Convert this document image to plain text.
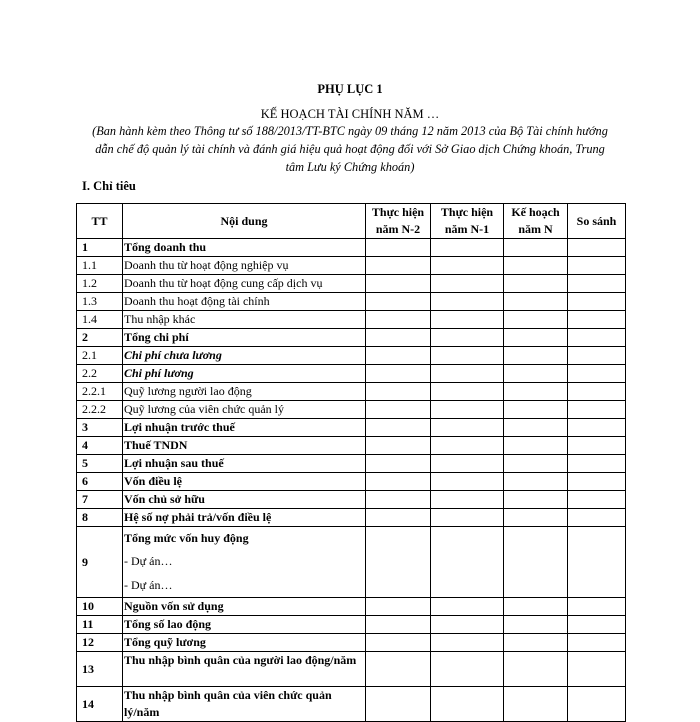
PHỤ LỤC 1
KẾ HOẠCH TÀI CHÍNH NĂM …
(Ban hành kèm theo Thông tư số 188/2013/TT-BTC ngày 09 tháng 12 năm 2013 của Bộ Tài chính hướng dẫn chế độ quản lý tài chính và đánh giá hiệu quả hoạt động đối với Sở Giao dịch Chứng khoán, Trung tâm Lưu ký Chứng khoán)
I. Chỉ tiêu
TT	Nội dung	Thực hiện năm N-2	Thực hiện năm N-1	Kế hoạch năm N	So sánh
1	Tổng doanh thu				
1.1	Doanh thu từ hoạt động nghiệp vụ				
1.2	Doanh thu từ hoạt động cung cấp dịch vụ				
1.3	Doanh thu hoạt động tài chính				
1.4	Thu nhập khác				
2	Tổng chi phí				
2.1	Chi phí chưa lương				
2.2	Chi phí lương				
2.2.1	Quỹ lương người lao động				
2.2.2	Quỹ lương của viên chức quản lý				
3	Lợi nhuận trước thuế				
4	Thuế TNDN				
5	Lợi nhuận sau thuế				
6	Vốn điều lệ				
7	Vốn chủ sở hữu				
8	Hệ số nợ phải trả/vốn điều lệ				
9	Tổng mức vốn huy động
- Dự án…
- Dự án…				

10	Nguồn vốn sử dụng				
11	Tổng số lao động				
12	Tổng quỹ lương				
13	Thu nhập bình quân của người lao động/năm				
14	Thu nhập bình quân của viên chức quản lý/năm				
